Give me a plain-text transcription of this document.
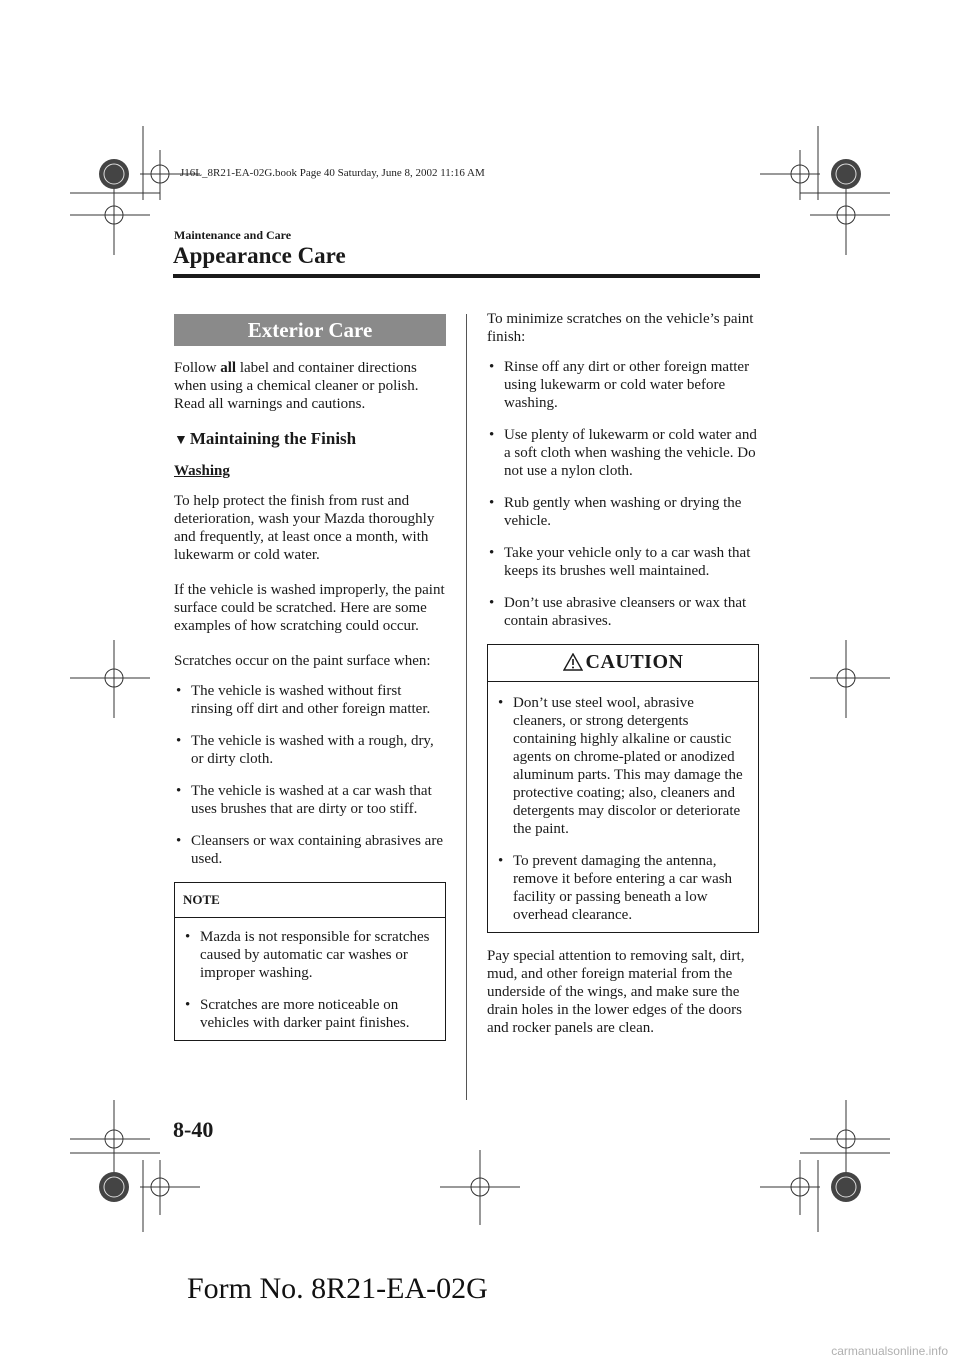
J16L_8R21-EA-02G.book Page 40 Saturday, June 8, 2002 11:16 AM
Maintenance and Care
Appearance Care
Exterior Care

Follow all label and container directions when using a chemical cleaner or polish. Read all warnings and cautions.

▼ Maintaining the Finish
Washing

To help protect the finish from rust and deterioration, wash your Mazda thoroughly and frequently, at least once a month, with lukewarm or cold water.

If the vehicle is washed improperly, the paint surface could be scratched. Here are some examples of how scratching could occur.

Scratches occur on the paint surface when:

• The vehicle is washed without first rinsing off dirt and other foreign matter.
• The vehicle is washed with a rough, dry, or dirty cloth.
• The vehicle is washed at a car wash that uses brushes that are dirty or too stiff.
• Cleansers or wax containing abrasives are used.
NOTE
• Mazda is not responsible for scratches caused by automatic car washes or improper washing.
• Scratches are more noticeable on vehicles with darker paint finishes.

To minimize scratches on the vehicle’s paint finish:

• Rinse off any dirt or other foreign matter using lukewarm or cold water before washing.
• Use plenty of lukewarm or cold water and a soft cloth when washing the vehicle. Do not use a nylon cloth.
• Rub gently when washing or drying the vehicle.
• Take your vehicle only to a car wash that keeps its brushes well maintained.
• Don’t use abrasive cleansers or wax that contain abrasives.
CAUTION
• Don’t use steel wool, abrasive cleaners, or strong detergents containing highly alkaline or caustic agents on chrome-plated or anodized aluminum parts. This may damage the protective coating; also, cleaners and detergents may discolor or deteriorate the paint.
• To prevent damaging the antenna, remove it before entering a car wash facility or passing beneath a low overhead clearance.

Pay special attention to removing salt, dirt, mud, and other foreign material from the underside of the wings, and make sure the drain holes in the lower edges of the doors and rocker panels are clean.

8-40
Form No. 8R21-EA-02G
carmanualsonline.info
